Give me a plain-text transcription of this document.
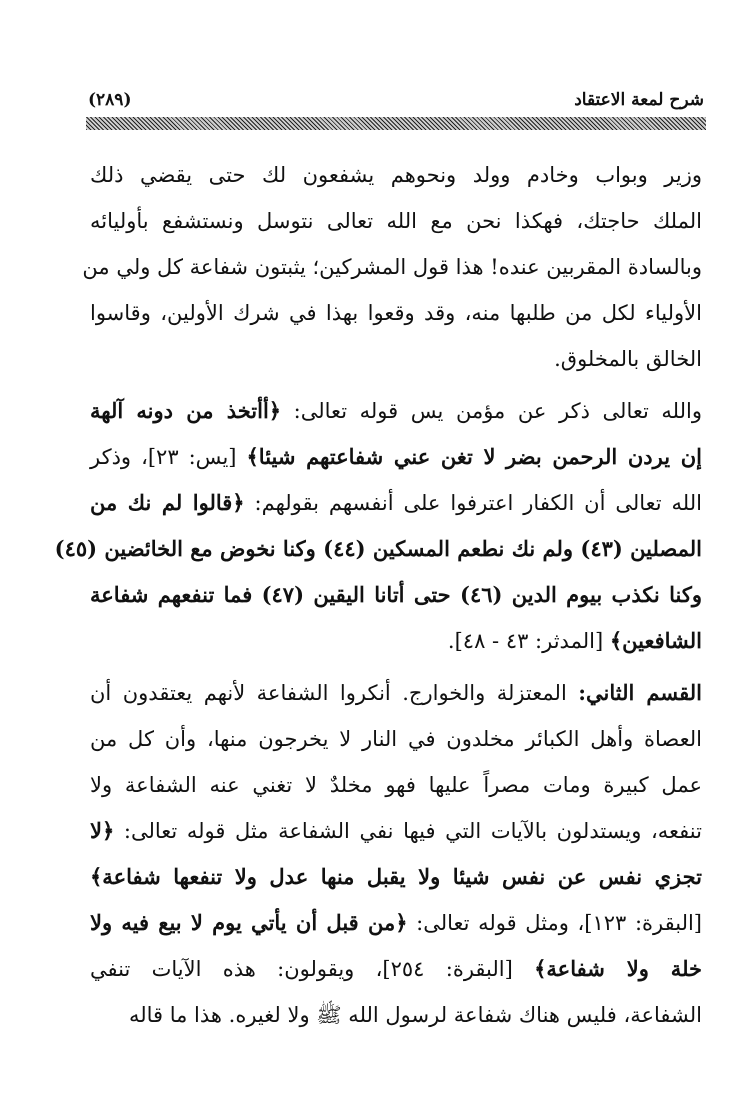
شرح لمعة الاعتقاد
(٢٨٩)
وزير وبواب وخادم وولد ونحوهم يشفعون لك حتى يقضي ذلك
الملك حاجتك، فهكذا نحن مع الله تعالى نتوسل ونستشفع بأوليائه
وبالسادة المقربين عنده! هذا قول المشركين؛ يثبتون شفاعة كل ولي من
الأولياء لكل من طلبها منه، وقد وقعوا بهذا في شرك الأولين، وقاسوا
الخالق بالمخلوق.
والله تعالى ذكر عن مؤمن يس قوله تعالى: ﴿أأتخذ من دونه آلهة
إن يردن الرحمن بضر لا تغن عني شفاعتهم شيئا﴾ [يس: ٢٣]، وذكر
الله تعالى أن الكفار اعترفوا على أنفسهم بقولهم: ﴿قالوا لم نك من
المصلين (٤٣) ولم نك نطعم المسكين (٤٤) وكنا نخوض مع الخائضين (٤٥)
وكنا نكذب بيوم الدين (٤٦) حتى أتانا اليقين (٤٧) فما تنفعهم شفاعة
الشافعين﴾ [المدثر: ٤٣ - ٤٨].
القسم الثاني: المعتزلة والخوارج. أنكروا الشفاعة لأنهم يعتقدون أن
العصاة وأهل الكبائر مخلدون في النار لا يخرجون منها، وأن كل من
عمل كبيرة ومات مصراً عليها فهو مخلدٌ لا تغني عنه الشفاعة ولا
تنفعه، ويستدلون بالآيات التي فيها نفي الشفاعة مثل قوله تعالى: ﴿لا
تجزي نفس عن نفس شيئا ولا يقبل منها عدل ولا تنفعها شفاعة﴾
[البقرة: ١٢٣]، ومثل قوله تعالى: ﴿من قبل أن يأتي يوم لا بيع فيه ولا
خلة ولا شفاعة﴾ [البقرة: ٢٥٤]، ويقولون: هذه الآيات تنفي
الشفاعة، فليس هناك شفاعة لرسول الله ﷺ ولا لغيره. هذا ما قاله
